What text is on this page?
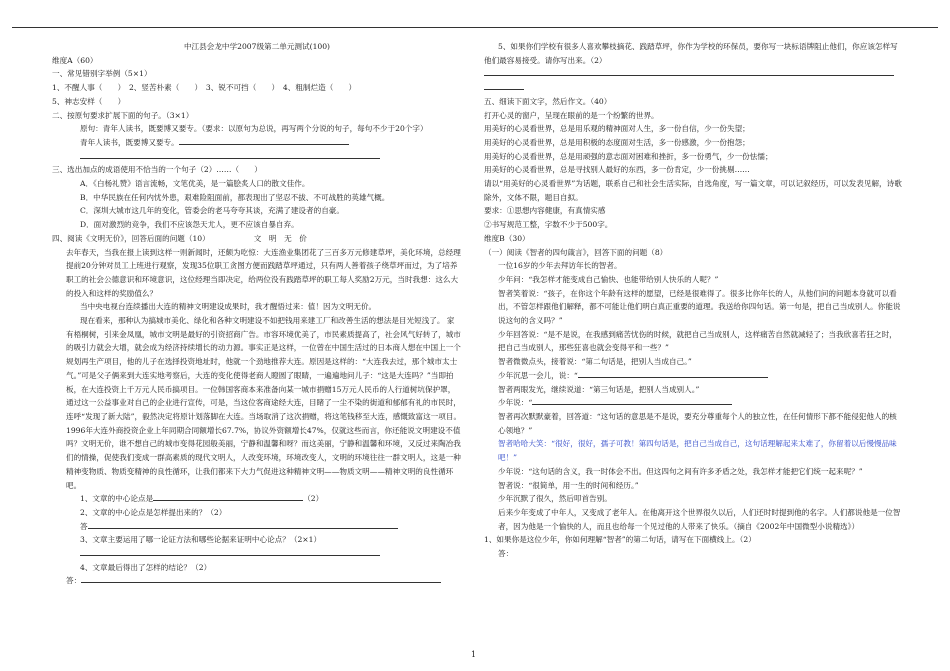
中江县会龙中学2007级第二单元测试(100)
维度A（60）
一、常见错别字举例（5×1）
1、不醒人事（　　）　2、竖苦朴素（　　）　3、锐不可挡（　　）　4、粗制烂造（　　）
5、神志安样（　　）
二、按原句要求扩展下面的句子。（3×1）
原句：青年人读书，既要博又要专。（要求：以原句为总说，再写两个分说的句子，每句不少于20个字）
青年人读书，既要博又要专。
三、选出加点的成语使用不恰当的一个句子（2）……（　　）
A．《白杨礼赞》语言流畅，文笔优美，是一篇脍炙人口的散文佳作。
B．中华民族在任何内忧外患，艰难险阻面前，都表现出了坚忍不拔、不可战胜的英雄气概。
C．深圳大城市这几年的变化，管委会的老马夸夸其谈，充满了建设者的自豪。
D．面对激烈的竞争，我们不应该怨天尤人，更不应该自暴自弃。
四、阅读《文明无价》，回答后面的问题（10）	文　明　无　价
去年春天，当我在报上读到这样一则新闻时，还颇为吃惊：大连渔业集团花了三百多万元修建草坪，美化环境，总经理提前20分钟对员工上班进行观察，发现35位职工贪图方便而践踏草坪通过，只有两人善着孩子绕草坪而过，为了培养职工的社会公德意识和环境意识，这位经理当即决定，给两位没有践踏草坪的职工每人奖励2万元，当时我想：这么大的投入和这样的奖励值么？
当中央电视台连续播出大连的精神文明建设成果时，我才醒悟过来：值！因为文明无价。
现在看来，那种认为搞城市美化、绿化和各种文明建设不如把钱用来建工厂和改善生活的想法是目光短浅了。 家有梧桐树，引来金凤凰，城市文明是最好的引资招商广告。市容环境优美了，市民素质提高了，社会风气好转了，城市的吸引力就会大增，就会成为经济持续增长的动力源。事实正是这样，一位曾在中国生活过的日本商人想在中国上一个规划再生产项目，他的儿子在选择投资地址时，他就一个劲地推荐大连。原因是这样的：“大连我去过，那个城市太士气。”可是父子俩来到大连实地考察后，大连的变化使得老商人瞪圆了眼睛，一遍遍地问儿子：“这是大连吗？”当即拍板，在大连投资上千万元人民币搞项目。一位韩国客商本来准备向某一城市捐赠15万元人民币的人行道树坑保护罩，通过这一公益事业对自己的企业进行宣传，可是，当这位客商途经大连，目睹了一尘不染的街道和郁郁有礼的市民时，连呼“发现了新大陆”，毅然决定将原计划落脚在大连。当场取消了这次捐赠，将这笔钱移至大连，感慨致富这一项目。1996年大连外商投资企业上年同期合同额增长67.7%，协议外资额增长47%，仅就这些而言，你还能说文明建设不值吗？文明无价，谁不想自己的城市变得花园般美丽，宁静和温馨和呀？而这美丽，宁静和温馨和环境，又反过来陶冶我们的情操，促使我们变成一群高素质的现代文明人，人改变环境，环境改变人，文明的环境往往一群文明人，这是一种精神变物质、物质变精神的良性循环，让我们都来下大力气促进这种精神文明——物质文明——精神文明的良性循环吧。
1、文章的中心论点是	（2）
2、文章的中心论点是怎样提出来的？（2）
答
3、文章主要运用了哪一论证方法和哪些论据来证明中心论点？（2×1）
4、文章最后得出了怎样的结论？（2）
答：
5、如果你们学校有很多人喜欢攀枝摘花、践踏草坪，你作为学校的环保员，要你写一块标语牌阻止他们，你应该怎样写他们最容易接受。请你写出来。（2）
五、细读下面文字，然后作文。（40）
打开心灵的窗户，呈现在眼前的是一个纷繁的世界。
用美好的心灵看世界，总是用乐观的精神面对人生，多一份自信，少一份失望；
用美好的心灵看世界，总是用积极的态度面对生活，多一份感激，少一份抱怨；
用美好的心灵看世界，总是用顽强的意志面对困难和挫折，多一份勇气，少一份怯懦；
用美好的心灵看世界，总是寻找别人最好的东西，多一份肯定，少一份挑剔……
请以“用美好的心灵看世界”为话题，联系自己和社会生活实际，自选角度，写一篇文章，可以记叙经历，可以发表见解，诗歌除外，文体不限，题目自拟。
要求：①思想内容健康，有真情实感
②书写规范工整，字数不少于500字。
维度B（30）
（一）阅读《智者的四句箴言》，回答下面的问题（8）
一位16岁的少年去拜访年长的智者。
少年问：“我怎样才能变成自己愉快、也能带给别人快乐的人呢？”
智者笑着说：“孩子，在你这个年龄有这样的愿望，已经是很难得了。很多比你年长的人，从他们问的问题本身就可以看出，不管怎样跟他们解释，都不可能让他们明白真正重要的道理。我送给你四句话。第一句是，把自己当成别人。你能说说这句的含义吗？”
少年回答说：“是不是说，在我感到痛苦忧伤的时候，就把自己当成别人，这样痛苦自然就减轻了；当我欣喜若狂之时，把自己当成别人，那些狂喜也就会变得平和一些？”
智者微微点头，接着说：“第二句话是，把别人当成自己。”
少年沉思一会儿，说：“
智者两眼发光，继续说道：“第三句话是，把别人当成别人。”
少年说：“
智者再次默默豪着，回答道：“这句话的意思是不是说，要充分尊重每个人的独立性，在任何情形下都不能侵犯他人的核心领地？”
智者哈哈大笑：“很好，很好，孺子可教！第四句话是，把自己当成自己，这句话理解起来太难了，你留着以后慢慢品味吧！”
少年说：“这句话的含义，我一时体会不出。但这四句之间有许多矛盾之处，我怎样才能把它们统一起来呢？”
智者说：“很简单，用一生的时间和经历。”
少年沉默了很久，然后叩首告别。
后来少年变成了中年人，又变成了老年人。在他离开这个世界很久以后，人们还时时提到他的名字。人们都说他是一位智者，因为他是一个愉快的人，而且也给每一个见过他的人带来了快乐。（摘自《2002年中国微型小说精选》）
1、如果你是这位少年，你如何理解“智者”的第二句话，请写在下面横线上。（2）
答：
1
